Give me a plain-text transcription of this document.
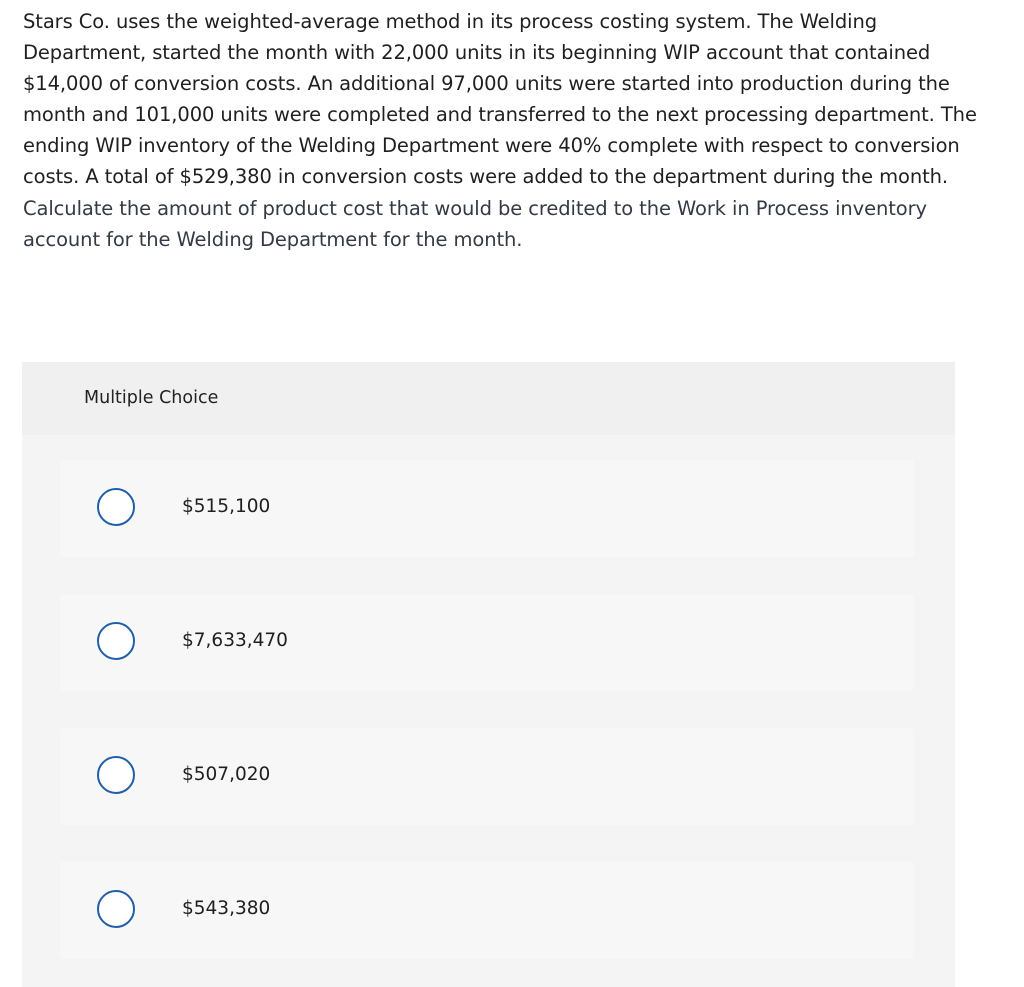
Stars Co. uses the weighted-average method in its process costing system. The Welding Department, started the month with 22,000 units in its beginning WIP account that contained $14,000 of conversion costs. An additional 97,000 units were started into production during the month and 101,000 units were completed and transferred to the next processing department. The ending WIP inventory of the Welding Department were 40% complete with respect to conversion costs. A total of $529,380 in conversion costs were added to the department during the month.

Calculate the amount of product cost that would be credited to the Work in Process inventory account for the Welding Department for the month.

Multiple Choice
$515,100
$7,633,470
$507,020
$543,380
